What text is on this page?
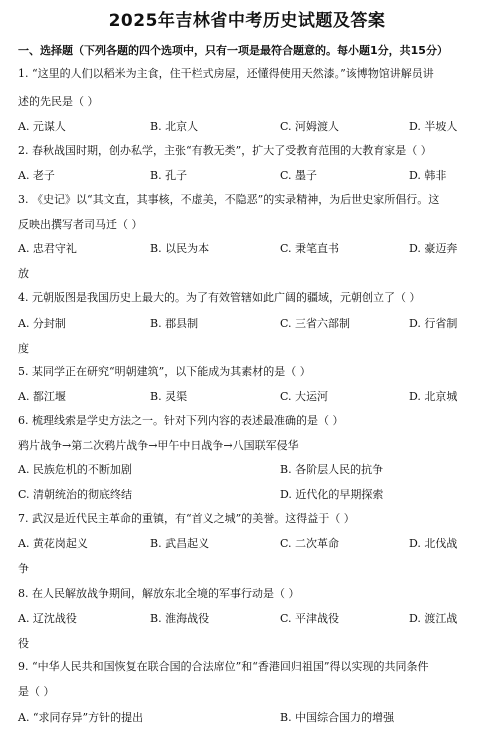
2025年吉林省中考历史试题及答案
一、选择题（下列各题的四个选项中，只有一项是最符合题意的。每小题1分，共15分）
1. “这里的人们以稻米为主食，住干栏式房屋，还懂得使用天然漆。”该博物馆讲解员讲
述的先民是（ ）
A. 元谋人	B. 北京人	C. 河姆渡人	D. 半坡人
2. 春秋战国时期，创办私学，主张“有教无类”，扩大了受教育范围的大教育家是（ ）
A. 老子	B. 孔子	C. 墨子	D. 韩非
3. 《史记》以“其文直，其事核，不虚美，不隐恶”的实录精神，为后世史家所倡行。这
反映出撰写者司马迁（ ）
A. 忠君守礼	B. 以民为本	C. 秉笔直书	D. 豪迈奔
放
4. 元朝版图是我国历史上最大的。为了有效管辖如此广阔的疆域，元朝创立了（ ）
A. 分封制	B. 郡县制	C. 三省六部制	D. 行省制
度
5. 某同学正在研究“明朝建筑”，以下能成为其素材的是（ ）
A. 都江堰	B. 灵渠	C. 大运河	D. 北京城
6. 梳理线索是学史方法之一。针对下列内容的表述最准确的是（ ）
鸦片战争→第二次鸦片战争→甲午中日战争→八国联军侵华
A. 民族危机的不断加剧	B. 各阶层人民的抗争
C. 清朝统治的彻底终结	D. 近代化的早期探索
7. 武汉是近代民主革命的重镇，有“首义之城”的美誉。这得益于（ ）
A. 黄花岗起义	B. 武昌起义	C. 二次革命	D. 北伐战
争
8. 在人民解放战争期间，解放东北全境的军事行动是（ ）
A. 辽沈战役	B. 淮海战役	C. 平津战役	D. 渡江战
役
9. “中华人民共和国恢复在联合国的合法席位”和“香港回归祖国”得以实现的共同条件
是（ ）
A. “求同存异”方针的提出	B. 中国综合国力的增强
